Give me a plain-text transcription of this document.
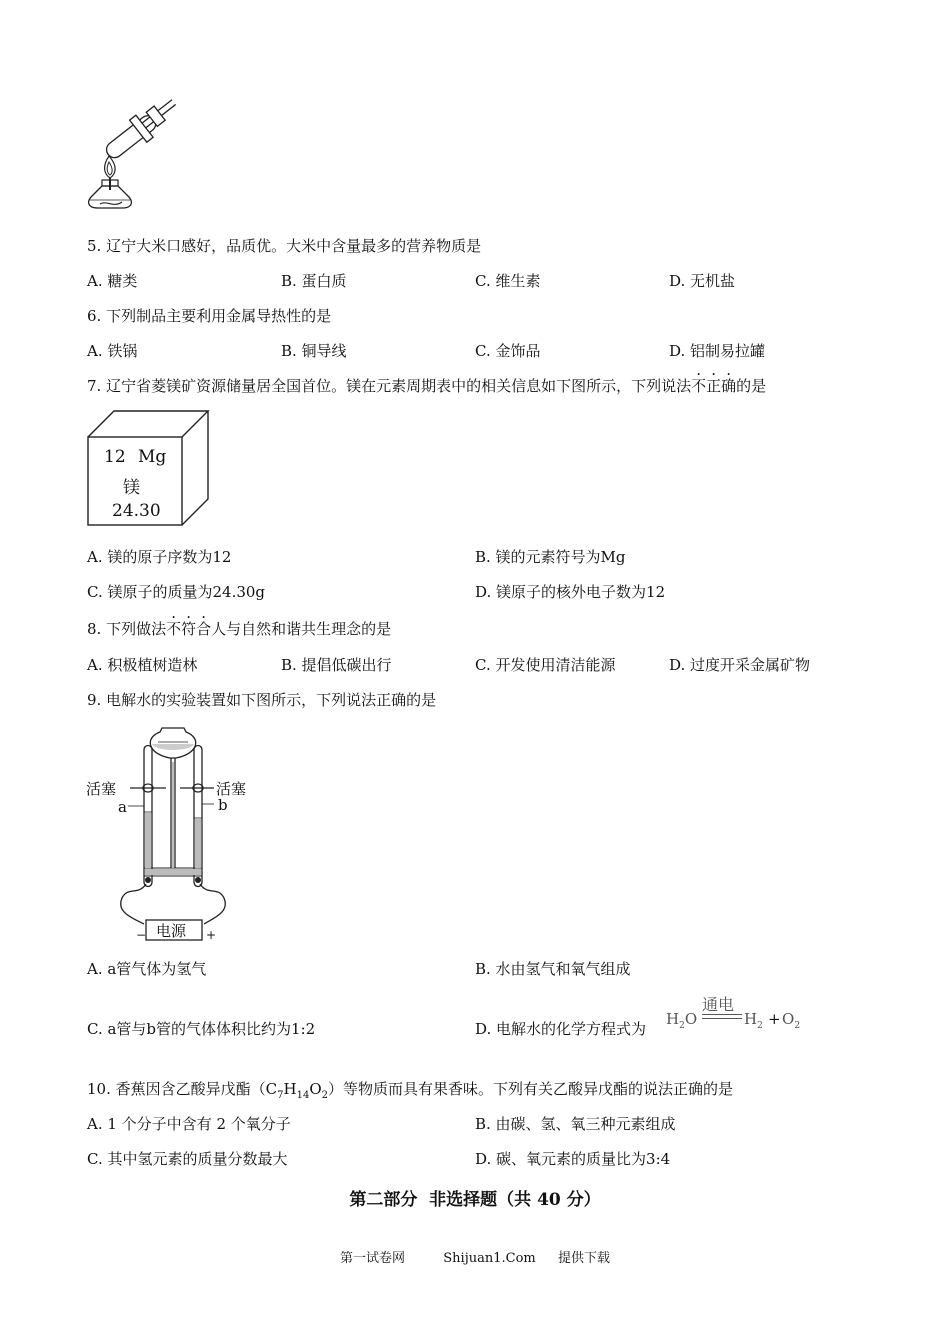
5. 辽宁大米口感好，品质优。大米中含量最多的营养物质是
A. 糖类	B. 蛋白质	C. 维生素	D. 无机盐
6. 下列制品主要利用金属导热性的是
A. 铁锅	B. 铜导线	C. 金饰品	D. 铝制易拉罐
7. 辽宁省菱镁矿资源储量居全国首位。镁在元素周期表中的相关信息如下图所示，下列说法不正确的是
12 Mg
镁
24.30
A. 镁的原子序数为12	B. 镁的元素符号为Mg
C. 镁原子的质量为24.30g	D. 镁原子的核外电子数为12
8. 下列做法不符合人与自然和谐共生理念的是
A. 积极植树造林	B. 提倡低碳出行	C. 开发使用清洁能源	D. 过度开采金属矿物
9. 电解水的实验装置如下图所示，下列说法正确的是
活塞	活塞
a	b
电源
−	+
A. a管气体为氢气	B. 水由氢气和氧气组成
C. a管与b管的气体体积比约为1:2	D. 电解水的化学方程式为
通电
$H_2O$	$H_2 + O_2$
10. 香蕉因含乙酸异戊酯$(C_7H_{14}O_2)$等物质而具有果香味。下列有关乙酸异戊酯的说法正确的是
A. 1 个分子中含有 2 个氧分子	B. 由碳、氢、氧三种元素组成
C. 其中氢元素的质量分数最大	D. 碳、氧元素的质量比为3:4
第二部分  非选择题（共 40 分）
第一试卷网	Shijuan1.Com 提供下载
